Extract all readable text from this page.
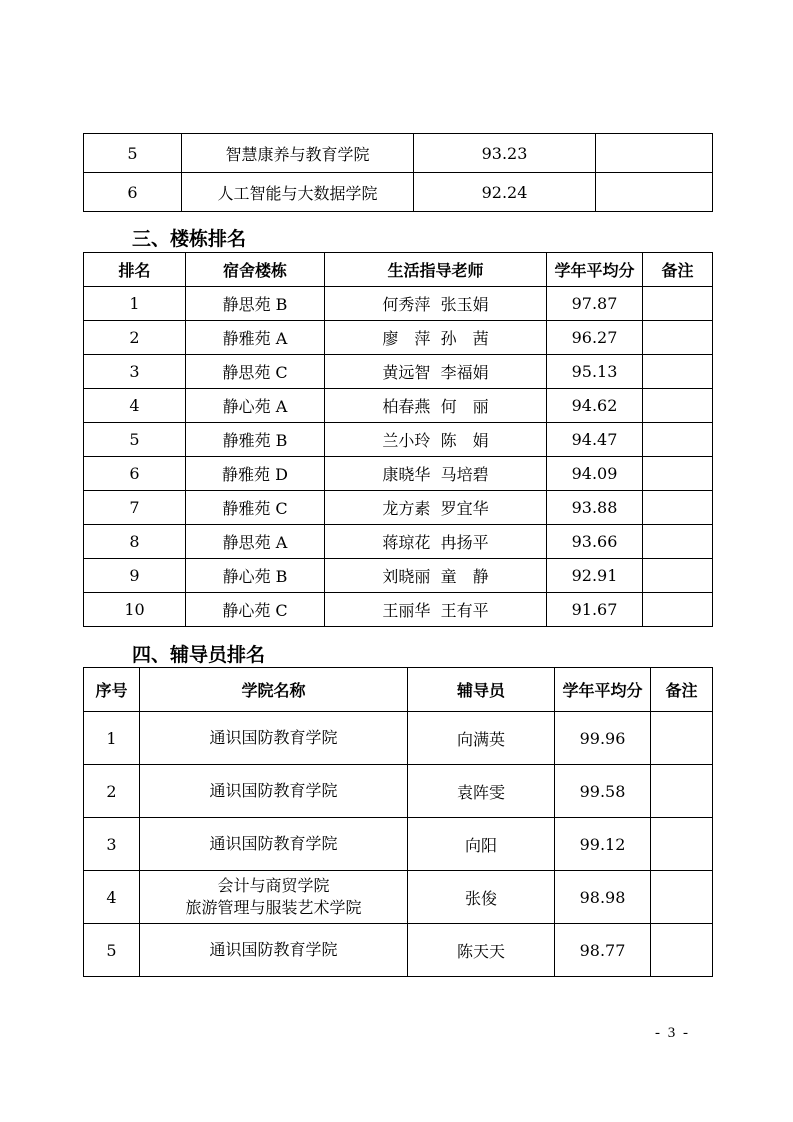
5	智慧康养与教育学院	93.23	
6	人工智能与大数据学院	92.24	
三、楼栋排名
排名	宿舍楼栋	生活指导老师	学年平均分	备注
1	静思苑 B	何秀萍  张玉娟	97.87	
2	静雅苑 A	廖　萍  孙　茜	96.27	
3	静思苑 C	黄远智  李福娟	95.13	
4	静心苑 A	柏春燕  何　丽	94.62	
5	静雅苑 B	兰小玲  陈　娟	94.47	
6	静雅苑 D	康晓华  马培碧	94.09	
7	静雅苑 C	龙方素  罗宜华	93.88	
8	静思苑 A	蒋琼花  冉扬平	93.66	
9	静心苑 B	刘晓丽  童　静	92.91	
10	静心苑 C	王丽华  王有平	91.67	
四、辅导员排名
序号	学院名称	辅导员	学年平均分	备注
1	通识国防教育学院	向满英	99.96	
2	通识国防教育学院	袁阵雯	99.58	
3	通识国防教育学院	向阳	99.12	
4	会计与商贸学院
旅游管理与服装艺术学院	张俊	98.98	
5	通识国防教育学院	陈天天	98.77	
- 3 -
